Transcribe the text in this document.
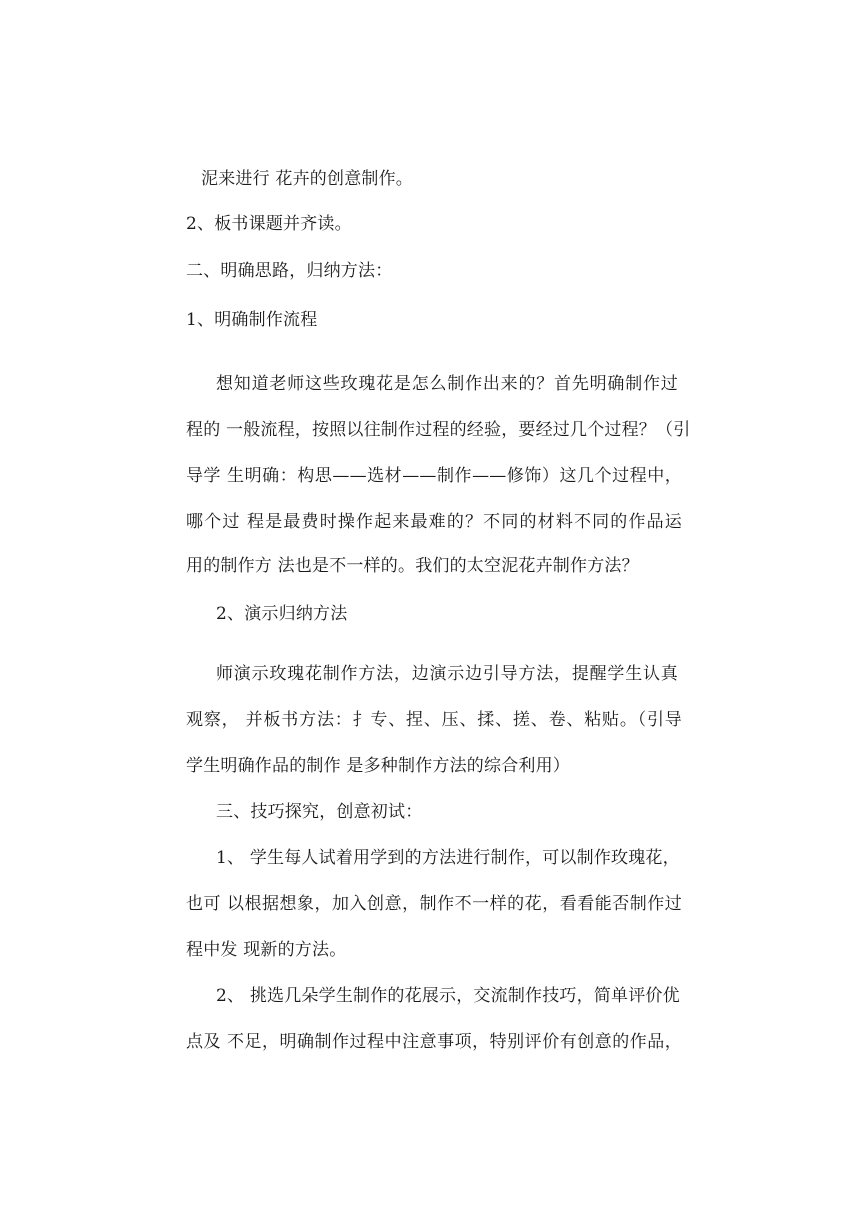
泥来进行 花卉的创意制作。
2、板书课题并齐读。
二、明确思路，归纳方法：
1、明确制作流程
想知道老师这些玫瑰花是怎么制作出来的？首先明确制作过
程的 一般流程，按照以往制作过程的经验，要经过几个过程？（引
导学 生明确：构思——选材——制作——修饰）这几个过程中，
哪个过 程是最费时操作起来最难的？不同的材料不同的作品运
用的制作方 法也是不一样的。我们的太空泥花卉制作方法？
2、演示归纳方法
师演示玫瑰花制作方法，边演示边引导方法，提醒学生认真
观察， 并板书方法：扌专、捏、压、揉、搓、卷、粘贴。（引导
学生明确作品的制作 是多种制作方法的综合利用）
三、技巧探究，创意初试：
1、 学生每人试着用学到的方法进行制作，可以制作玫瑰花，
也可 以根据想象，加入创意，制作不一样的花，看看能否制作过
程中发 现新的方法。
2、 挑选几朵学生制作的花展示，交流制作技巧，简单评价优
点及 不足，明确制作过程中注意事项，特别评价有创意的作品，
